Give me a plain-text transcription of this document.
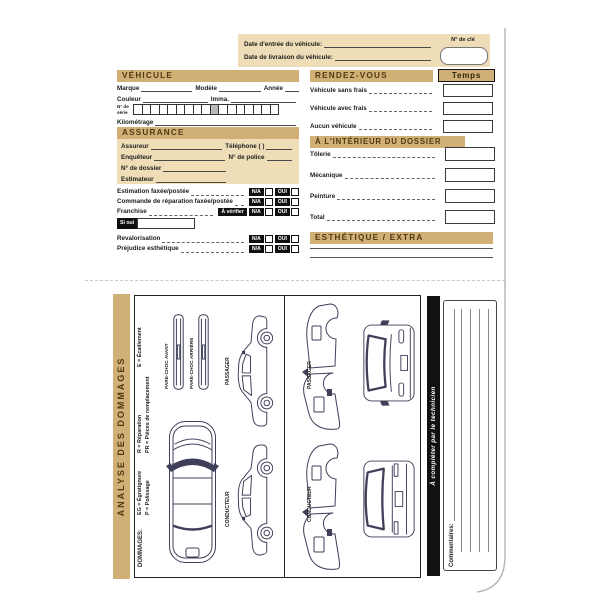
Date d'entrée du véhicule:
Date de livraison du véhicule:
N° de clé
VÉHICULE
Marque	Modèle	Année
Couleur	Imma.
N° de série
Kilométrage
ASSURANCE
Assureur	Téléphone ( )
Enquêteur	N° de police
N° de dossier
Estimateur
Estimation faxée/postée	N/A	OUI
Commande de réparation faxée/postée	N/A	OUI
Franchise	À vérifier	N/A	OUI
Si oui
Revalorisation	N/A	OUI
Préjudice esthétique	N/A	OUI
RENDEZ-VOUS	Temps
Véhicule sans frais
Véhicule avec frais
Aucun véhicule
À L'INTÉRIEUR DU DOSSIER
Tôlerie
Mécanique
Peinture
Total
ESTHÉTIQUE / EXTRA
ANALYSE DES DOMMAGES
DOMMAGES:
EG = Égratignure P = Polissage
R = Réparation PR = Pièces de remplacement
E = Écaillement	PARE-CHOC AVANT	PARE-CHOC ARRIÈRE
CONDUCTEUR
PASSAGER
CONDUCTEUR
PASSAGER
À compléter par le technicien
Commentaires:
